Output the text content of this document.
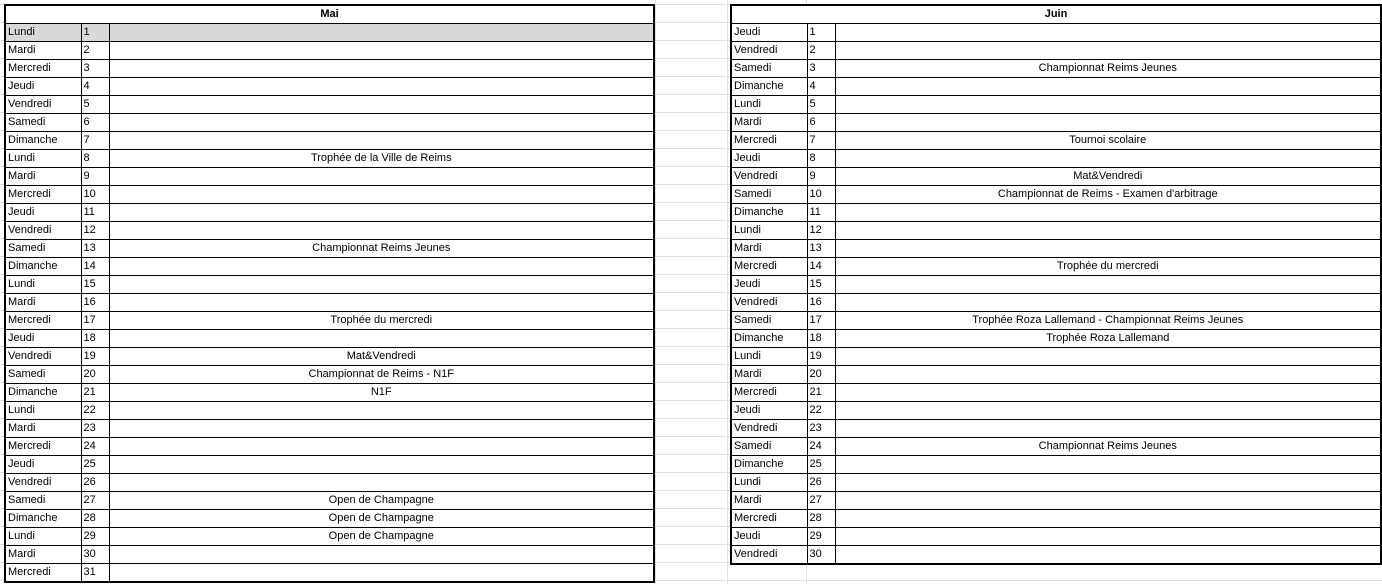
Mai		
Lundi	1	
Mardi	2	
Mercredi	3	
Jeudi	4	
Vendredi	5	
Samedi	6	
Dimanche	7	
Lundi	8	Trophée de la Ville de Reims
Mardi	9	
Mercredi	10	
Jeudi	11	
Vendredi	12	
Samedi	13	Championnat Reims Jeunes
Dimanche	14	
Lundi	15	
Mardi	16	
Mercredi	17	Trophée du mercredi
Jeudi	18	
Vendredi	19	Mat&Vendredi
Samedi	20	Championnat de Reims - N1F
Dimanche	21	N1F
Lundi	22	
Mardi	23	
Mercredi	24	
Jeudi	25	
Vendredi	26	
Samedi	27	Open de Champagne
Dimanche	28	Open de Champagne
Lundi	29	Open de Champagne
Mardi	30	
Mercredi	31	
Juin		
Jeudi	1	
Vendredi	2	
Samedi	3	Championnat Reims Jeunes
Dimanche	4	
Lundi	5	
Mardi	6	
Mercredi	7	Tournoi scolaire
Jeudi	8	
Vendredi	9	Mat&Vendredi
Samedi	10	Championnat de Reims - Examen d'arbitrage
Dimanche	11	
Lundi	12	
Mardi	13	
Mercredi	14	Trophée du mercredi
Jeudi	15	
Vendredi	16	
Samedi	17	Trophée Roza Lallemand - Championnat Reims Jeunes
Dimanche	18	Trophée Roza Lallemand
Lundi	19	
Mardi	20	
Mercredi	21	
Jeudi	22	
Vendredi	23	
Samedi	24	Championnat Reims Jeunes
Dimanche	25	
Lundi	26	
Mardi	27	
Mercredi	28	
Jeudi	29	
Vendredi	30	
